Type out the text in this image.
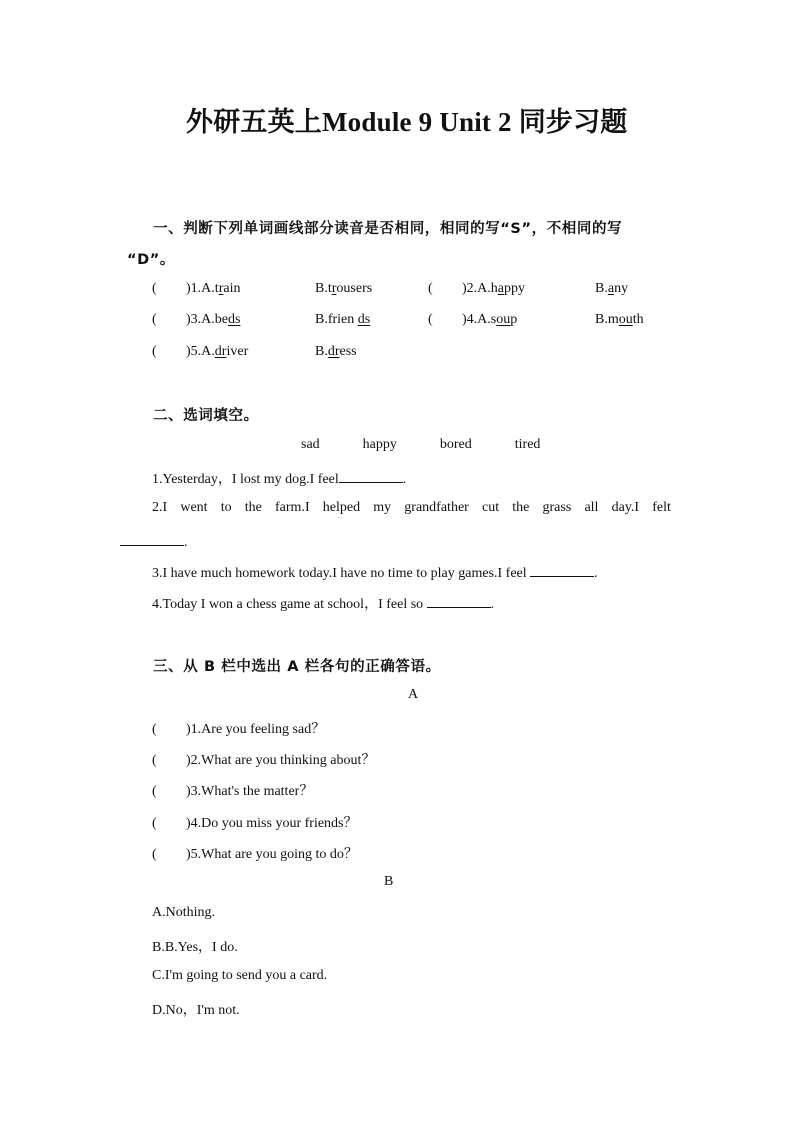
外研五英上Module 9 Unit 2 同步习题
一、判断下列单词画线部分读音是否相同，相同的写“S”，不相同的写
“D”。
( )1.A.train	B.trousers	( )2.A.happy	B.any
( )3.A.beds	B.frien ds	( )4.A.soup	B.mouth
( )5.A.driver	B.dress
二、选词填空。
sad	happy	bored	tired
1.Yesterday，I lost my dog.I feel	.
2.I went to the farm.I helped my grandfather cut the grass all day.I felt
.
3.I have much homework today.I have no time to play games.I feel	.
4.Today I won a chess game at school，I feel so	.
三、从 B 栏中选出 A 栏各句的正确答语。
A
( )1.Are you feeling sad？
( )2.What are you thinking about？
( )3.What's the matter？
( )4.Do you miss your friends？
( )5.What are you going to do？
B
A.Nothing.
B.B.Yes，I do.
C.I'm going to send you a card.
D.No，I'm not.
